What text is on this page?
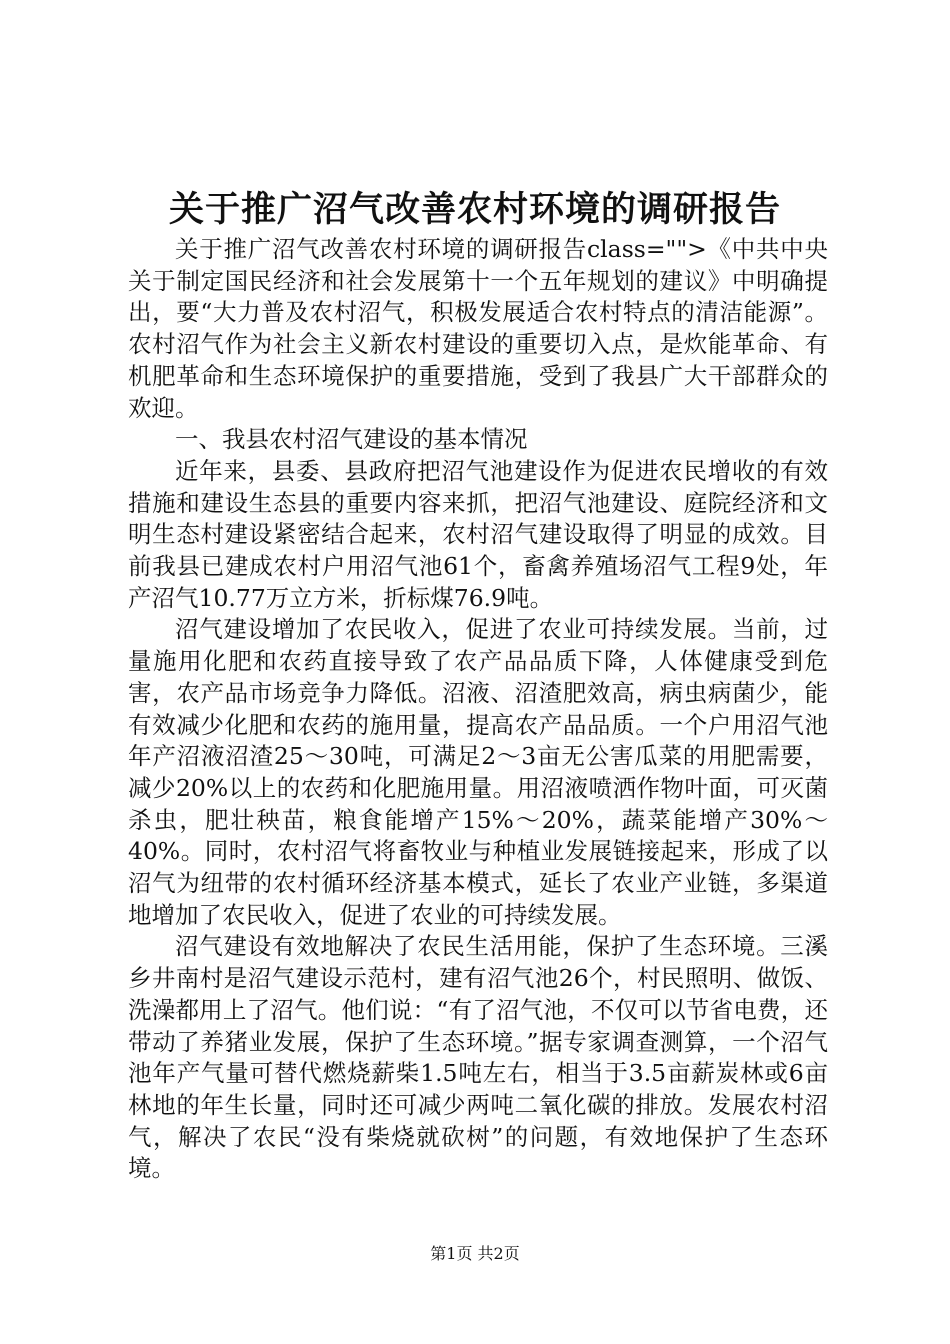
关于推广沼气改善农村环境的调研报告

关于推广沼气改善农村环境的调研报告class="">《中共中央关于制定国民经济和社会发展第十一个五年规划的建议》中明确提出，要“大力普及农村沼气，积极发展适合农村特点的清洁能源”。农村沼气作为社会主义新农村建设的重要切入点，是炊能革命、有机肥革命和生态环境保护的重要措施，受到了我县广大干部群众的欢迎。

一、我县农村沼气建设的基本情况

近年来，县委、县政府把沼气池建设作为促进农民增收的有效措施和建设生态县的重要内容来抓，把沼气池建设、庭院经济和文明生态村建设紧密结合起来，农村沼气建设取得了明显的成效。目前我县已建成农村户用沼气池61个，畜禽养殖场沼气工程9处，年产沼气10.77万立方米，折标煤76.9吨。

沼气建设增加了农民收入，促进了农业可持续发展。当前，过量施用化肥和农药直接导致了农产品品质下降，人体健康受到危害，农产品市场竞争力降低。沼液、沼渣肥效高，病虫病菌少，能有效减少化肥和农药的施用量，提高农产品品质。一个户用沼气池年产沼液沼渣25～30吨，可满足2～3亩无公害瓜菜的用肥需要，减少20%以上的农药和化肥施用量。用沼液喷洒作物叶面，可灭菌杀虫，肥壮秧苗，粮食能增产15%～20%，蔬菜能增产30%～40%。同时，农村沼气将畜牧业与种植业发展链接起来，形成了以沼气为纽带的农村循环经济基本模式，延长了农业产业链，多渠道地增加了农民收入，促进了农业的可持续发展。

沼气建设有效地解决了农民生活用能，保护了生态环境。三溪乡井南村是沼气建设示范村，建有沼气池26个，村民照明、做饭、洗澡都用上了沼气。他们说：“有了沼气池，不仅可以节省电费，还带动了养猪业发展，保护了生态环境。”据专家调查测算，一个沼气池年产气量可替代燃烧薪柴1.5吨左右，相当于3.5亩薪炭林或6亩林地的年生长量，同时还可减少两吨二氧化碳的排放。发展农村沼气，解决了农民“没有柴烧就砍树”的问题，有效地保护了生态环境。

第1页 共2页
